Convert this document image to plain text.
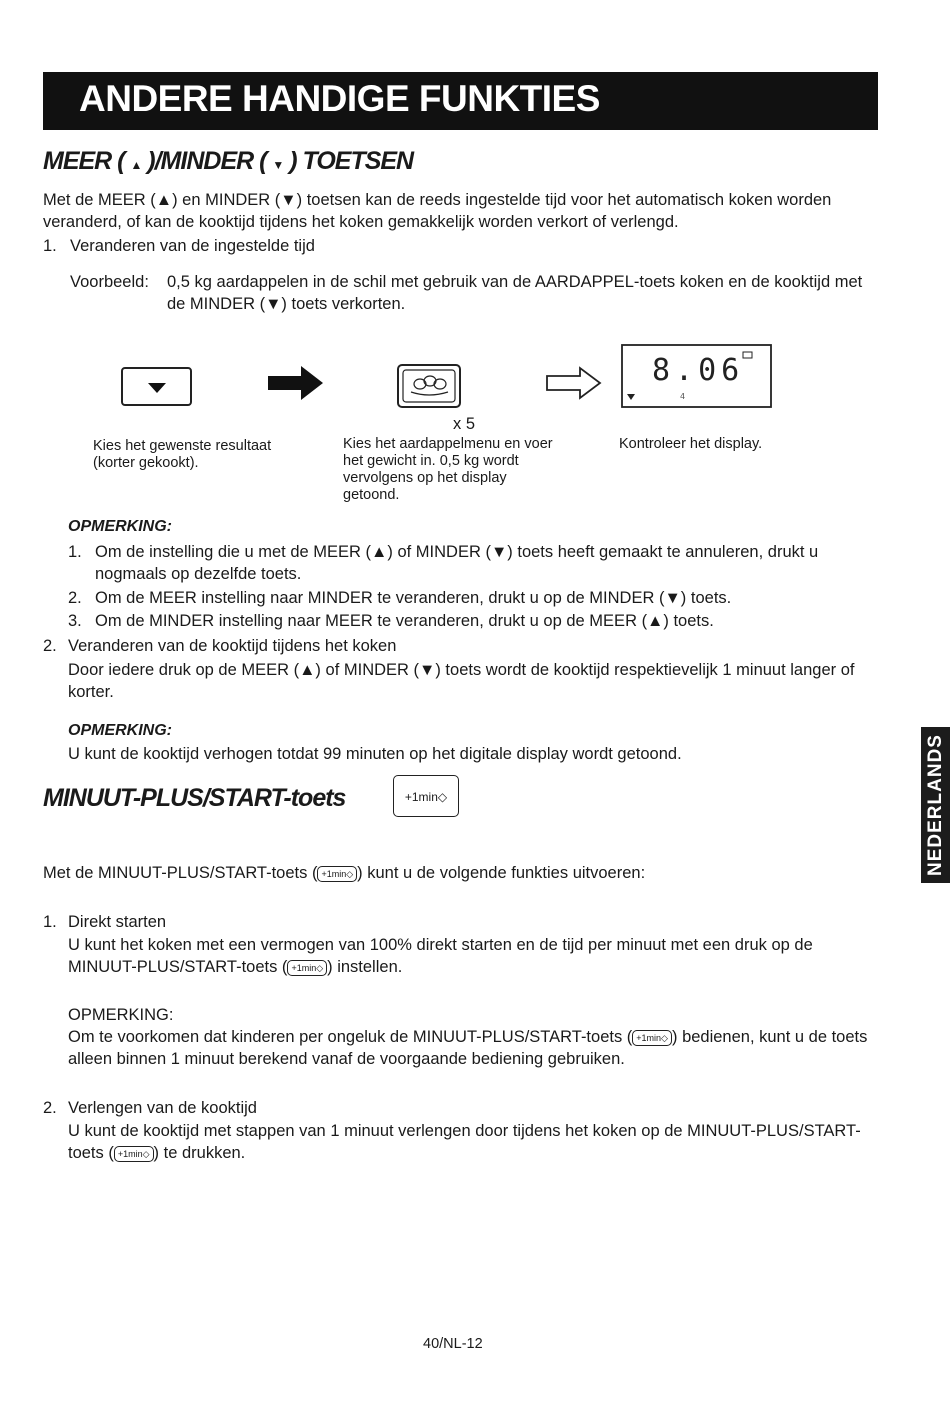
ANDERE HANDIGE FUNKTIES
MEER ( ▲ )/MINDER ( ▼ ) TOETSEN
Met de MEER (▲) en MINDER (▼) toetsen kan de reeds ingestelde tijd voor het automatisch koken worden veranderd, of kan de kooktijd tijdens het koken gemakkelijk worden verkort of verlengd.
1. Veranderen van de ingestelde tijd
Voorbeeld: 0,5 kg aardappelen in de schil met gebruik van de AARDAPPEL-toets koken en de kooktijd met de MINDER (▼) toets verkorten.
4
8.06
x 5
Kies het gewenste resultaat (korter gekookt).
Kies het aardappelmenu en voer het gewicht in. 0,5 kg wordt vervolgens op het display getoond.
Kontroleer het display.
OPMERKING:
1. Om de instelling die u met de MEER (▲) of MINDER (▼) toets heeft gemaakt te annuleren, drukt u nogmaals op dezelfde toets.
2. Om de MEER instelling naar MINDER te veranderen, drukt u op de MINDER (▼) toets.
3. Om de MINDER instelling naar MEER te veranderen, drukt u op de MEER (▲) toets.
2. Veranderen van de kooktijd tijdens het koken
Door iedere druk op de MEER (▲) of MINDER (▼) toets wordt de kooktijd respektievelijk 1 minuut langer of korter.
OPMERKING:
U kunt de kooktijd verhogen totdat 99 minuten op het digitale display wordt getoond.
MINUUT-PLUS/START-toets	+1min◇
Met de MINUUT-PLUS/START-toets ( +1min◇ ) kunt u de volgende funkties uitvoeren:
1. Direkt starten
U kunt het koken met een vermogen van 100% direkt starten en de tijd per minuut met een druk op de MINUUT-PLUS/START-toets ( +1min◇ ) instellen.
OPMERKING:
Om te voorkomen dat kinderen per ongeluk de MINUUT-PLUS/START-toets ( +1min◇ ) bedienen, kunt u de toets alleen binnen 1 minuut berekend vanaf de voorgaande bediening gebruiken.
2. Verlengen van de kooktijd
U kunt de kooktijd met stappen van 1 minuut verlengen door tijdens het koken op de MINUUT-PLUS/START-toets ( +1min◇ ) te drukken.
NEDERLANDS
40/NL-12
